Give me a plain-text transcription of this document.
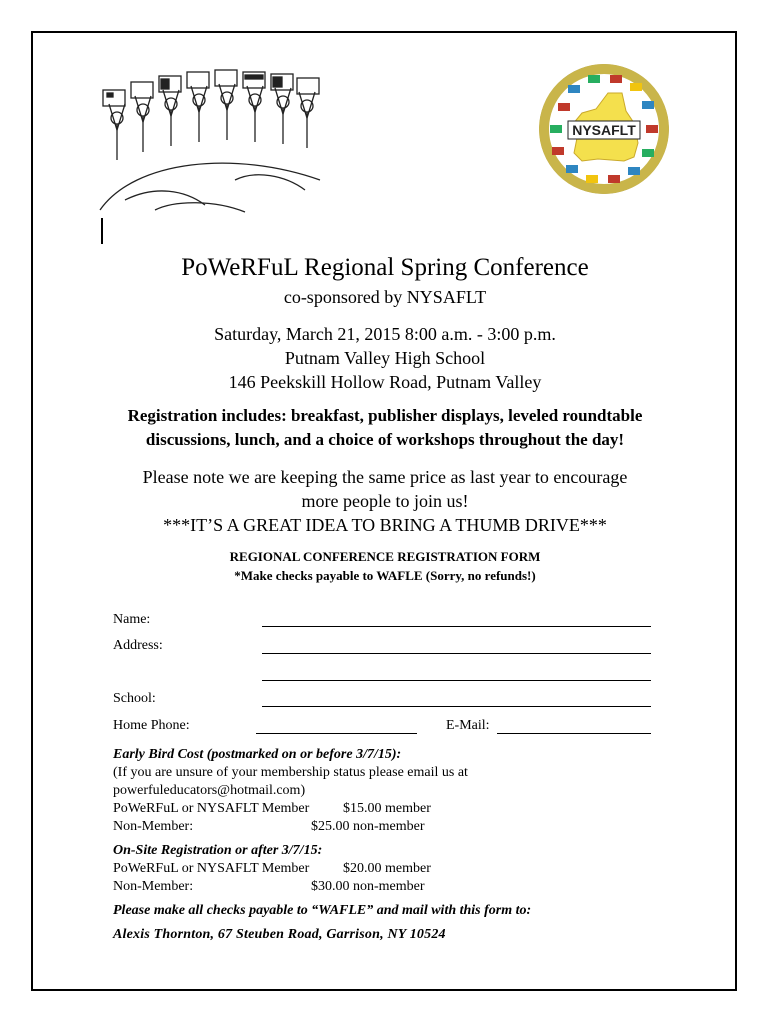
NYSAFLT
PoWeRFuL Regional Spring Conference
co-sponsored by NYSAFLT
Saturday, March 21, 2015 8:00 a.m. - 3:00 p.m.
Putnam Valley High School
146 Peekskill Hollow Road, Putnam Valley
Registration includes: breakfast, publisher displays, leveled roundtable
discussions, lunch, and a choice of workshops throughout the day!
Please note we are keeping the same price as last year to encourage
more people to join us!
***IT’S A GREAT IDEA TO BRING A THUMB DRIVE***
REGIONAL CONFERENCE REGISTRATION FORM
*Make checks payable to WAFLE (Sorry, no refunds!)
Name:
Address:
School:
Home Phone:	E-Mail:
Early Bird Cost (postmarked on or before 3/7/15):
(If you are unsure of your membership status please email us at
powerfuleducators@hotmail.com)
PoWeRFuL or NYSAFLT Member $15.00 member
Non-Member:	$25.00 non-member
On-Site Registration or after 3/7/15:
PoWeRFuL or NYSAFLT Member $20.00 member
Non-Member:	$30.00 non-member
Please make all checks payable to “WAFLE” and mail with this form to:
Alexis Thornton, 67 Steuben Road, Garrison, NY 10524
